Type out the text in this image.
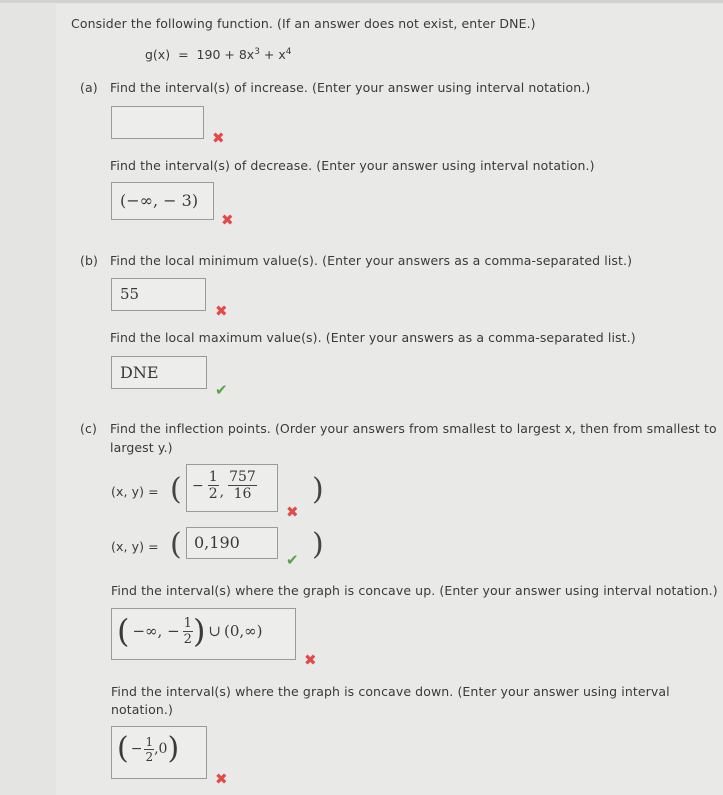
Consider the following function. (If an answer does not exist, enter DNE.)
$g(x) = 190 + 8x^3 + x^4$
(a) Find the interval(s) of increase. (Enter your answer using interval notation.)
✖
Find the interval(s) of decrease. (Enter your answer using interval notation.)
(−∞, − 3)
✖
(b) Find the local minimum value(s). (Enter your answers as a comma-separated list.)
55
✖
Find the local maximum value(s). (Enter your answers as a comma-separated list.)
DNE
✔
(c) Find the inflection points. (Order your answers from smallest to largest x, then from smallest to
largest y.)
(x, y) = ( − $\frac{1}{2}$ , $\frac{757}{16}$
✖
)
(x, y) = ( 0,190
✔ )
Find the interval(s) where the graph is concave up. (Enter your answer using interval notation.)
( −∞, − $\frac{1}{2}$ ) ∪ (0,∞)
✖
Find the interval(s) where the graph is concave down. (Enter your answer using interval
notation.)
( − $\frac{1}{2} ,0$ )
✖
